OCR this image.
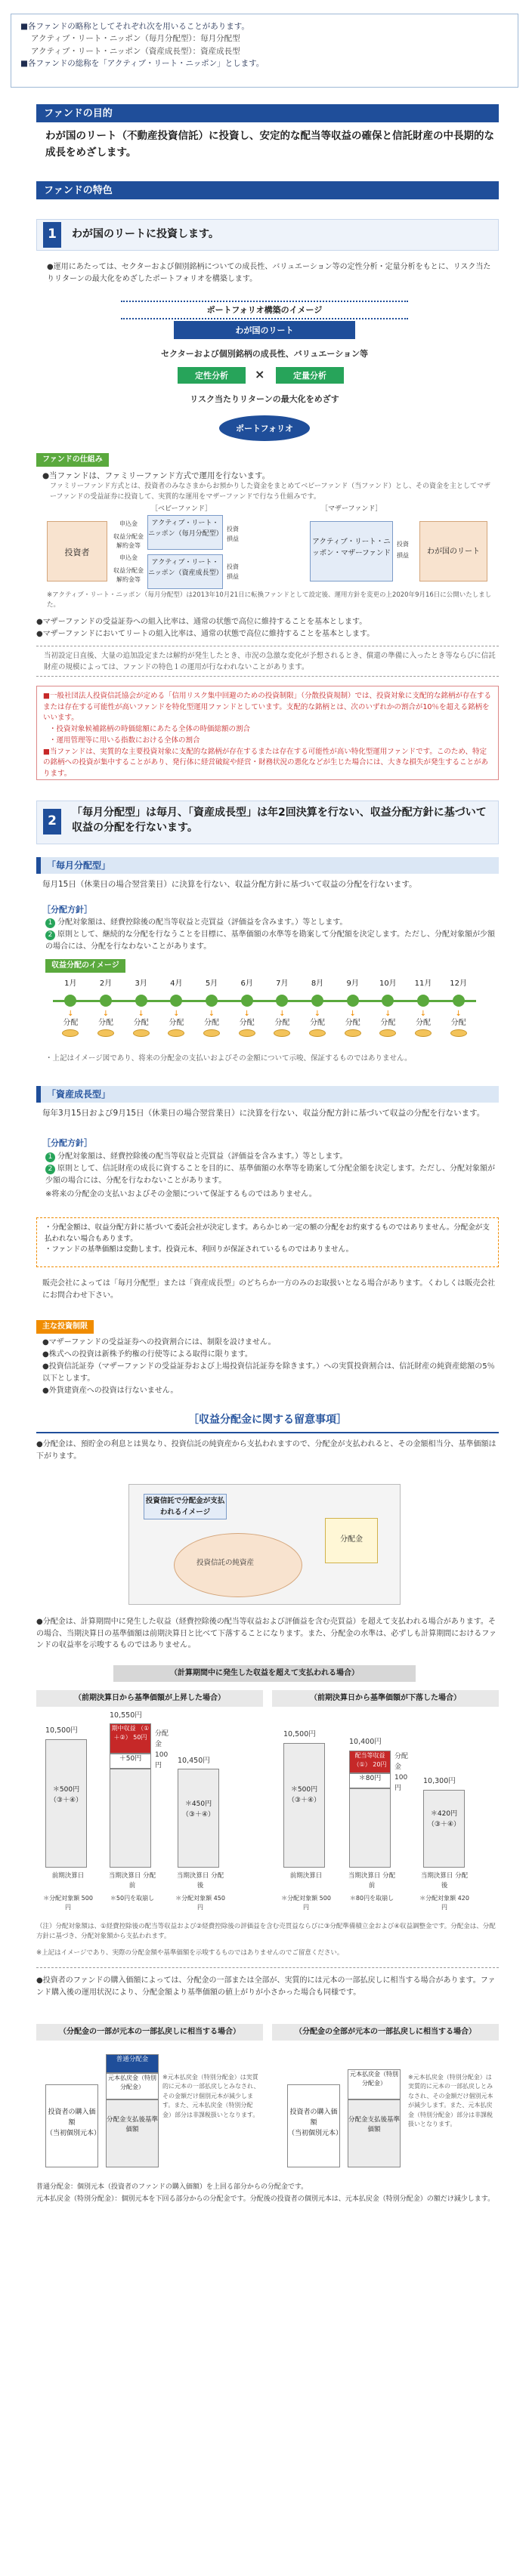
■各ファンドの略称としてそれぞれ次を用いることがあります。
アクティブ・リート・ニッポン（毎月分配型）：毎月分配型
アクティブ・リート・ニッポン（資産成長型）：資産成長型
■各ファンドの総称を「アクティブ・リート・ニッポン」とします。
ファンドの目的
わが国のリート（不動産投資信託）に投資し、安定的な配当等収益の確保と信託財産の中長期的な成長をめざします。
ファンドの特色
1	わが国のリートに投資します。
●運用にあたっては、セクターおよび個別銘柄についての成長性、バリュエーション等の定性分析・定量分析をもとに、リスク当たりリターンの最大化をめざしたポートフォリオを構築します。
ポートフォリオ構築のイメージ
わが国のリート
セクターおよび個別銘柄の成長性、バリュエーション等
定性分析	×	定量分析
リスク当たりリターンの最大化をめざす
ポートフォリオ
ファンドの仕組み
●当ファンドは、ファミリーファンド方式で運用を行ないます。
ファミリーファンド方式とは、投資者のみなさまからお預かりした資金をまとめてベビーファンド（当ファンド）とし、その資金を主としてマザーファンドの受益証券に投資して、実質的な運用をマザーファンドで行なう仕組みです。
［ベビーファンド］	［マザーファンド］
投資者
申込金
収益分配金 解約金等
申込金
収益分配金 解約金等
アクティブ・リート・ニッポン（毎月分配型）
アクティブ・リート・ニッポン（資産成長型）
投資
損益
投資
損益
アクティブ・リート・ニッポン・マザーファンド
投資
損益	わが国のリート
※アクティブ・リート・ニッポン（毎月分配型）は2013年10月21日に転換ファンドとして設定後、運用方針を変更の上2020年9月16日に公開いたしました。
●マザーファンドの受益証券への組入比率は、通常の状態で高位に維持することを基本とします。
●マザーファンドにおいてリートの組入比率は、通常の状態で高位に維持することを基本とします。
当初設定日直後、大量の追加設定または解約が発生したとき、市況の急激な変化が予想されるとき、償還の準備に入ったとき等ならびに信託財産の規模によっては、ファンドの特色１の運用が行なわれないことがあります。
■一般社団法人投資信託協会が定める「信用リスク集中回避のための投資制限」（分散投資規制）では、投資対象に支配的な銘柄が存在するまたは存在する可能性が高いファンドを特化型運用ファンドとしています。支配的な銘柄とは、次のいずれかの割合が10％を超える銘柄をいいます。
・投資対象候補銘柄の時価総額にあたる全体の時価総額の割合
・運用管理等に用いる指数における全体の割合
■当ファンドは、実質的な主要投資対象に支配的な銘柄が存在するまたは存在する可能性が高い特化型運用ファンドです。このため、特定の銘柄への投資が集中することがあり、発行体に経営破綻や経営・財務状況の悪化などが生じた場合には、大きな損失が発生することがあります。
2
「毎月分配型」は毎月、「資産成長型」は年2回決算を行ない、収益分配方針に基づいて収益の分配を行ないます。
「毎月分配型」
毎月15日（休業日の場合翌営業日）に決算を行ない、収益分配方針に基づいて収益の分配を行ないます。
［分配方針］
1 分配対象額は、経費控除後の配当等収益と売買益（評価益を含みます。）等とします。
2 原則として、継続的な分配を行なうことを目標に、基準価額の水準等を勘案して分配額を決定します。ただし、分配対象額が少額の場合には、分配を行なわないことがあります。
収益分配のイメージ
1月
↓
分配
2月
↓
分配
3月
↓
分配
4月
↓
分配
5月
↓
分配
6月
↓
分配
7月
↓
分配
8月
↓
分配
9月
↓
分配
10月
↓
分配
11月
↓
分配
12月
↓
分配
・上記はイメージ図であり、将来の分配金の支払いおよびその金額について示唆、保証するものではありません。
「資産成長型」
毎年3月15日および9月15日（休業日の場合翌営業日）に決算を行ない、収益分配方針に基づいて収益の分配を行ないます。
［分配方針］
1 分配対象額は、経費控除後の配当等収益と売買益（評価益を含みます。）等とします。
2 原則として、信託財産の成長に資することを目的に、基準価額の水準等を勘案して分配金額を決定します。ただし、分配対象額が少額の場合には、分配を行なわないことがあります。
※将来の分配金の支払いおよびその金額について保証するものではありません。
・分配金額は、収益分配方針に基づいて委託会社が決定します。あらかじめ一定の額の分配をお約束するものではありません。分配金が支払われない場合もあります。
・ファンドの基準価額は変動します。投資元本、利回りが保証されているものではありません。
販売会社によっては「毎月分配型」または「資産成長型」のどちらか一方のみのお取扱いとなる場合があります。くわしくは販売会社にお問合わせ下さい。
主な投資制限
●マザーファンドの受益証券への投資割合には、制限を設けません。
●株式への投資は新株予約権の行使等による取得に限ります。
●投資信託証券（マザーファンドの受益証券および上場投資信託証券を除きます。）への実質投資割合は、信託財産の純資産総額の5％以下とします。
●外貨建資産への投資は行ないません。
［収益分配金に関する留意事項］
●分配金は、預貯金の利息とは異なり、投資信託の純資産から支払われますので、分配金が支払われると、その金額相当分、基準価額は下がります。
投資信託で分配金が支払われるイメージ
投資信託の純資産
分配金
●分配金は、計算期間中に発生した収益（経費控除後の配当等収益および評価益を含む売買益）を超えて支払われる場合があります。その場合、当期決算日の基準価額は前期決算日と比べて下落することになります。また、分配金の水準は、必ずしも計算期間におけるファンドの収益率を示唆するものではありません。
（計算期間中に発生した収益を超えて支払われる場合）
（前期決算日から基準価額が上昇した場合）	（前期決算日から基準価額が下落した場合）
10,500円
＊500円 （③＋④）
10,550円
期中収益 （①＋②） 50円
＋50円
分配金 100円
10,450円
＊450円 （③＋④）
前期決算日	当期決算日 分配前
当期決算日 分配後
＊分配対象額 500円
＊50円を取崩し	＊分配対象額 450円
10,500円
＊500円 （③＋④）
10,400円
配当等収益 （①） 20円
＊80円
分配金 100円
10,300円
＊420円 （③＋④）
前期決算日	当期決算日 分配前
当期決算日 分配後
＊分配対象額 500円
＊80円を取崩し	＊分配対象額 420円
（注）分配対象額は、①経費控除後の配当等収益および②経費控除後の評価益を含む売買益ならびに③分配準備積立金および④収益調整金です。分配金は、分配方針に基づき、分配対象額から支払われます。
※上記はイメージであり、実際の分配金額や基準価額を示唆するものではありませんのでご留意ください。
●投資者のファンドの購入価額によっては、分配金の一部または全部が、実質的には元本の一部払戻しに相当する場合があります。ファンド購入後の運用状況により、分配金額より基準価額の値上がりが小さかった場合も同様です。
（分配金の一部が元本の一部払戻しに相当する場合）	（分配金の全部が元本の一部払戻しに相当する場合）
投資者の購入価額
（当初個別元本）
普通分配金
元本払戻金（特別分配金）
分配金支払後基準価額
※元本払戻金（特別分配金）は実質的に元本の一部払戻しとみなされ、その金額だけ個別元本が減少します。また、元本払戻金（特別分配金）部分は非課税扱いとなります。	投資者の購入価額
（当初個別元本）
元本払戻金（特別分配金）
分配金支払後基準価額
※元本払戻金（特別分配金）は実質的に元本の一部払戻しとみなされ、その金額だけ個別元本が減少します。また、元本払戻金（特別分配金）部分は非課税扱いとなります。
普通分配金：個別元本（投資者のファンドの購入価額）を上回る部分からの分配金です。
元本払戻金（特別分配金）：個別元本を下回る部分からの分配金です。分配後の投資者の個別元本は、元本払戻金（特別分配金）の額だけ減少します。
